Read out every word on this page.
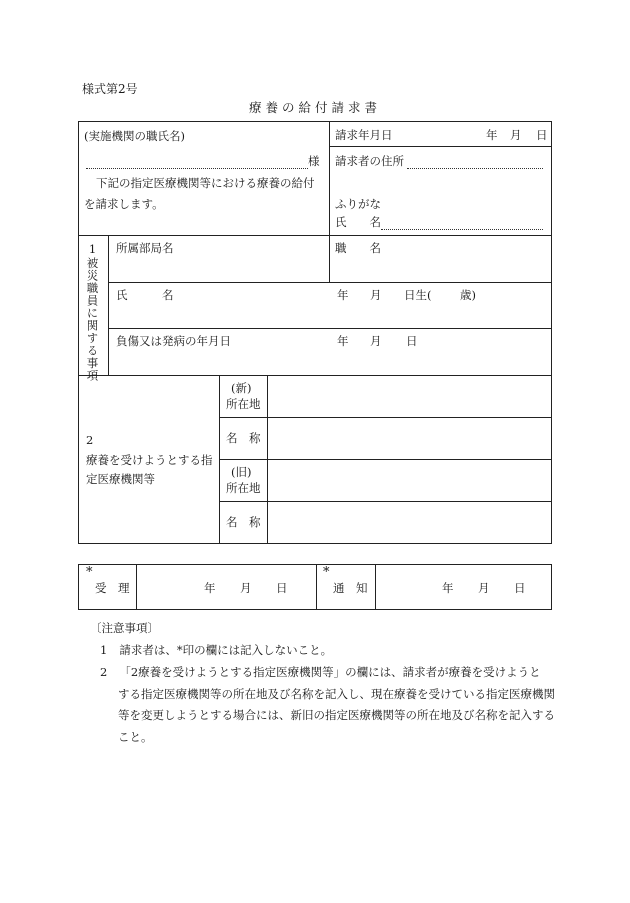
様式第2号
療養の給付請求書
(実施機関の職氏名)
様
下記の指定医療機関等における療養の給付
を請求します。
請求年月日	年 月 日
請求者の住所
ふりがな
氏　　名
1被災職員に関する事項 所属部局名	職　　名
氏　　　名	年 月 日生( 歳)
負傷又は発病の年月日	年 月 日
2
療養を受けようとする指
定医療機関等
(新)
所在地
名　称
(旧)
所在地
名　称
*
受　理	年 月 日
*
通　知	年 月 日
〔注意事項〕
1 請求者は、*印の欄には記入しないこと。
2 「2療養を受けようとする指定医療機関等」の欄には、請求者が療養を受けようと
する指定医療機関等の所在地及び名称を記入し、現在療養を受けている指定医療機関
等を変更しようとする場合には、新旧の指定医療機関等の所在地及び名称を記入する
こと。
